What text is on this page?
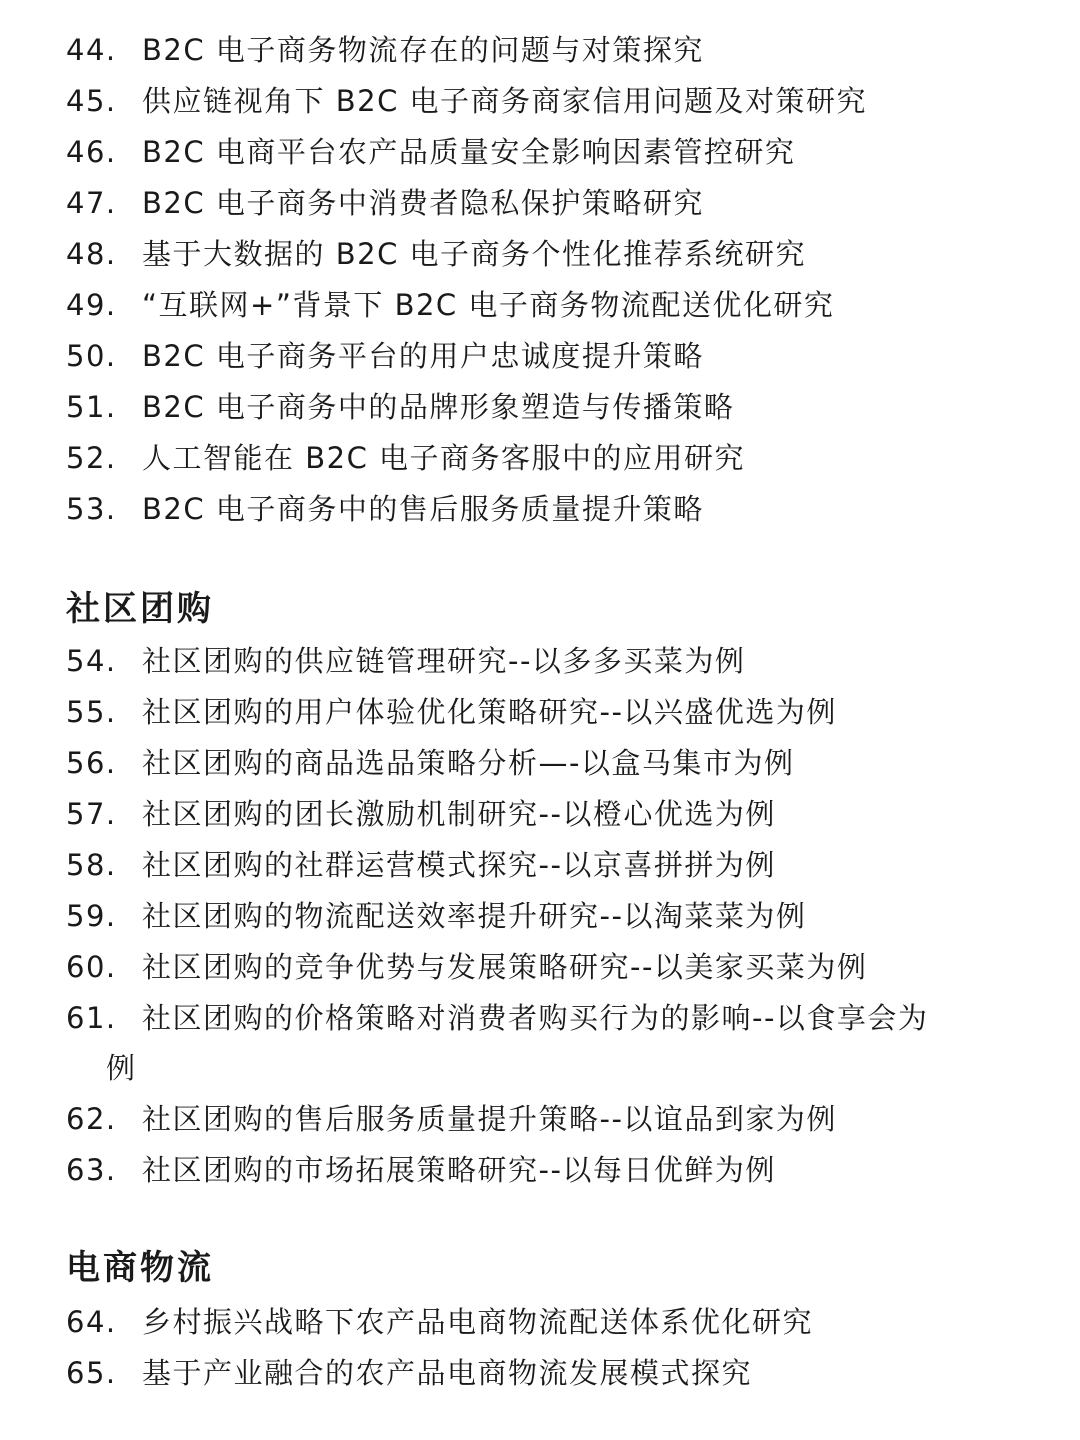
44. B2C 电子商务物流存在的问题与对策探究
45. 供应链视角下 B2C 电子商务商家信用问题及对策研究
46. B2C 电商平台农产品质量安全影响因素管控研究
47. B2C 电子商务中消费者隐私保护策略研究
48. 基于大数据的 B2C 电子商务个性化推荐系统研究
49. “互联网+”背景下 B2C 电子商务物流配送优化研究
50. B2C 电子商务平台的用户忠诚度提升策略
51. B2C 电子商务中的品牌形象塑造与传播策略
52. 人工智能在 B2C 电子商务客服中的应用研究
53. B2C 电子商务中的售后服务质量提升策略
社区团购
54. 社区团购的供应链管理研究--以多多买菜为例
55. 社区团购的用户体验优化策略研究--以兴盛优选为例
56. 社区团购的商品选品策略分析—-以盒马集市为例
57. 社区团购的团长激励机制研究--以橙心优选为例
58. 社区团购的社群运营模式探究--以京喜拼拼为例
59. 社区团购的物流配送效率提升研究--以淘菜菜为例
60. 社区团购的竞争优势与发展策略研究--以美家买菜为例
61. 社区团购的价格策略对消费者购买行为的影响--以食享会为
例
62. 社区团购的售后服务质量提升策略--以谊品到家为例
63. 社区团购的市场拓展策略研究--以每日优鲜为例
电商物流
64. 乡村振兴战略下农产品电商物流配送体系优化研究
65. 基于产业融合的农产品电商物流发展模式探究
